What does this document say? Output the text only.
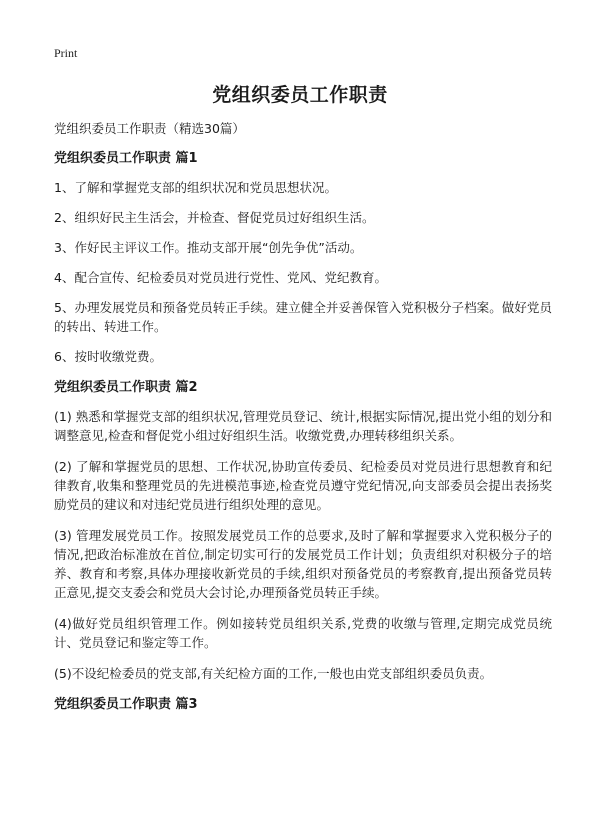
Print
党组织委员工作职责

党组织委员工作职责（精选30篇）

党组织委员工作职责 篇1

1、了解和掌握党支部的组织状况和党员思想状况。

2、组织好民主生活会，并检查、督促党员过好组织生活。

3、作好民主评议工作。推动支部开展“创先争优”活动。

4、配合宣传、纪检委员对党员进行党性、党风、党纪教育。

5、办理发展党员和预备党员转正手续。建立健全并妥善保管入党积极分子档案。做好党员的转出、转进工作。

6、按时收缴党费。

党组织委员工作职责 篇2

(1) 熟悉和掌握党支部的组织状况,管理党员登记、统计,根据实际情况,提出党小组的划分和调整意见,检查和督促党小组过好组织生活。收缴党费,办理转移组织关系。

(2) 了解和掌握党员的思想、工作状况,协助宣传委员、纪检委员对党员进行思想教育和纪律教育,收集和整理党员的先进模范事迹,检查党员遵守党纪情况,向支部委员会提出表扬奖励党员的建议和对违纪党员进行组织处理的意见。

(3) 管理发展党员工作。按照发展党员工作的总要求,及时了解和掌握要求入党积极分子的情况,把政治标准放在首位,制定切实可行的发展党员工作计划；负责组织对积极分子的培养、教育和考察,具体办理接收新党员的手续,组织对预备党员的考察教育,提出预备党员转正意见,提交支委会和党员大会讨论,办理预备党员转正手续。

(4)做好党员组织管理工作。例如接转党员组织关系,党费的收缴与管理,定期完成党员统计、党员登记和鉴定等工作。

(5)不设纪检委员的党支部,有关纪检方面的工作,一般也由党支部组织委员负责。

党组织委员工作职责 篇3
